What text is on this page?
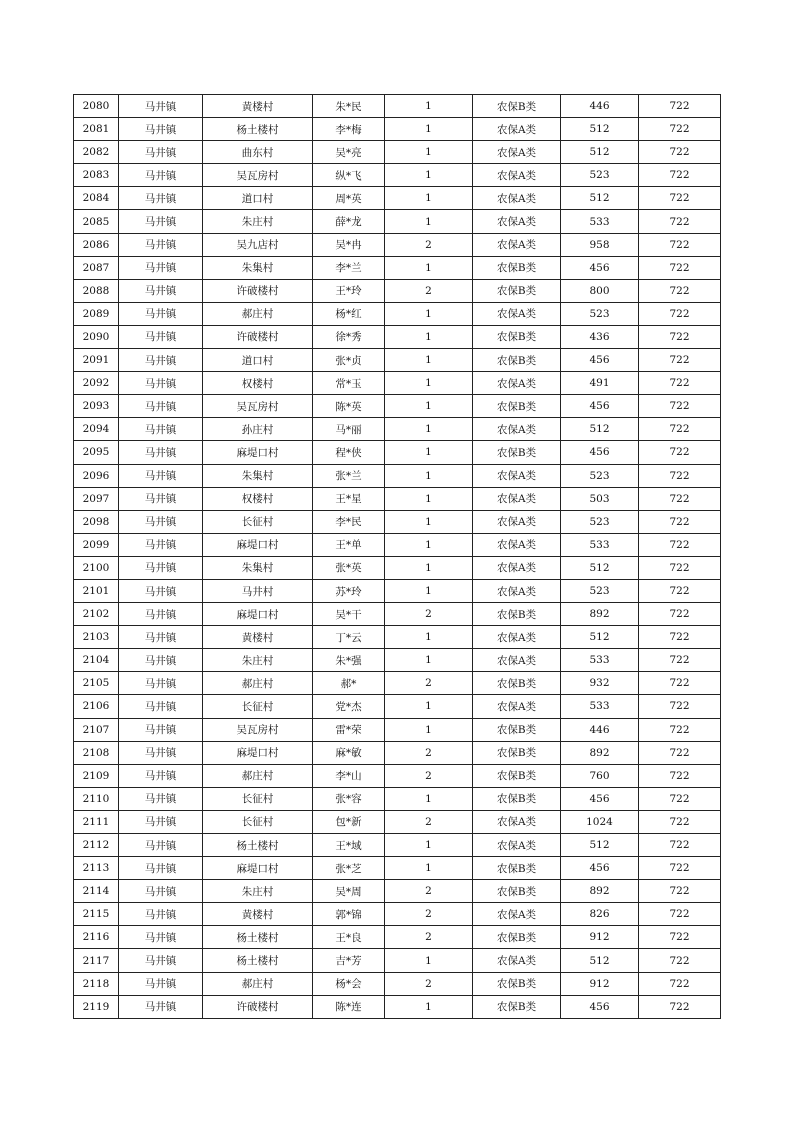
2080	马井镇	黄楼村	朱*民	1	农保B类	446	722
2081	马井镇	杨土楼村	李*梅	1	农保A类	512	722
2082	马井镇	曲东村	吴*亮	1	农保A类	512	722
2083	马井镇	吴瓦房村	纵*飞	1	农保A类	523	722
2084	马井镇	道口村	周*英	1	农保A类	512	722
2085	马井镇	朱庄村	薛*龙	1	农保A类	533	722
2086	马井镇	吴九店村	吴*冉	2	农保A类	958	722
2087	马井镇	朱集村	李*兰	1	农保B类	456	722
2088	马井镇	许破楼村	王*玲	2	农保B类	800	722
2089	马井镇	郝庄村	杨*红	1	农保A类	523	722
2090	马井镇	许破楼村	徐*秀	1	农保B类	436	722
2091	马井镇	道口村	张*贞	1	农保B类	456	722
2092	马井镇	权楼村	常*玉	1	农保A类	491	722
2093	马井镇	吴瓦房村	陈*英	1	农保B类	456	722
2094	马井镇	孙庄村	马*丽	1	农保A类	512	722
2095	马井镇	麻堤口村	程*侠	1	农保B类	456	722
2096	马井镇	朱集村	张*兰	1	农保A类	523	722
2097	马井镇	权楼村	王*星	1	农保A类	503	722
2098	马井镇	长征村	李*民	1	农保A类	523	722
2099	马井镇	麻堤口村	王*单	1	农保A类	533	722
2100	马井镇	朱集村	张*英	1	农保A类	512	722
2101	马井镇	马井村	苏*玲	1	农保A类	523	722
2102	马井镇	麻堤口村	吴*干	2	农保B类	892	722
2103	马井镇	黄楼村	丁*云	1	农保A类	512	722
2104	马井镇	朱庄村	朱*强	1	农保A类	533	722
2105	马井镇	郝庄村	郝*	2	农保B类	932	722
2106	马井镇	长征村	党*杰	1	农保A类	533	722
2107	马井镇	吴瓦房村	雷*荣	1	农保B类	446	722
2108	马井镇	麻堤口村	麻*敏	2	农保B类	892	722
2109	马井镇	郝庄村	李*山	2	农保B类	760	722
2110	马井镇	长征村	张*容	1	农保B类	456	722
2111	马井镇	长征村	包*新	2	农保A类	1024	722
2112	马井镇	杨土楼村	王*域	1	农保A类	512	722
2113	马井镇	麻堤口村	张*芝	1	农保B类	456	722
2114	马井镇	朱庄村	吴*周	2	农保B类	892	722
2115	马井镇	黄楼村	郭*锦	2	农保A类	826	722
2116	马井镇	杨土楼村	王*良	2	农保B类	912	722
2117	马井镇	杨土楼村	吉*芳	1	农保A类	512	722
2118	马井镇	郝庄村	杨*会	2	农保B类	912	722
2119	马井镇	许破楼村	陈*连	1	农保B类	456	722
